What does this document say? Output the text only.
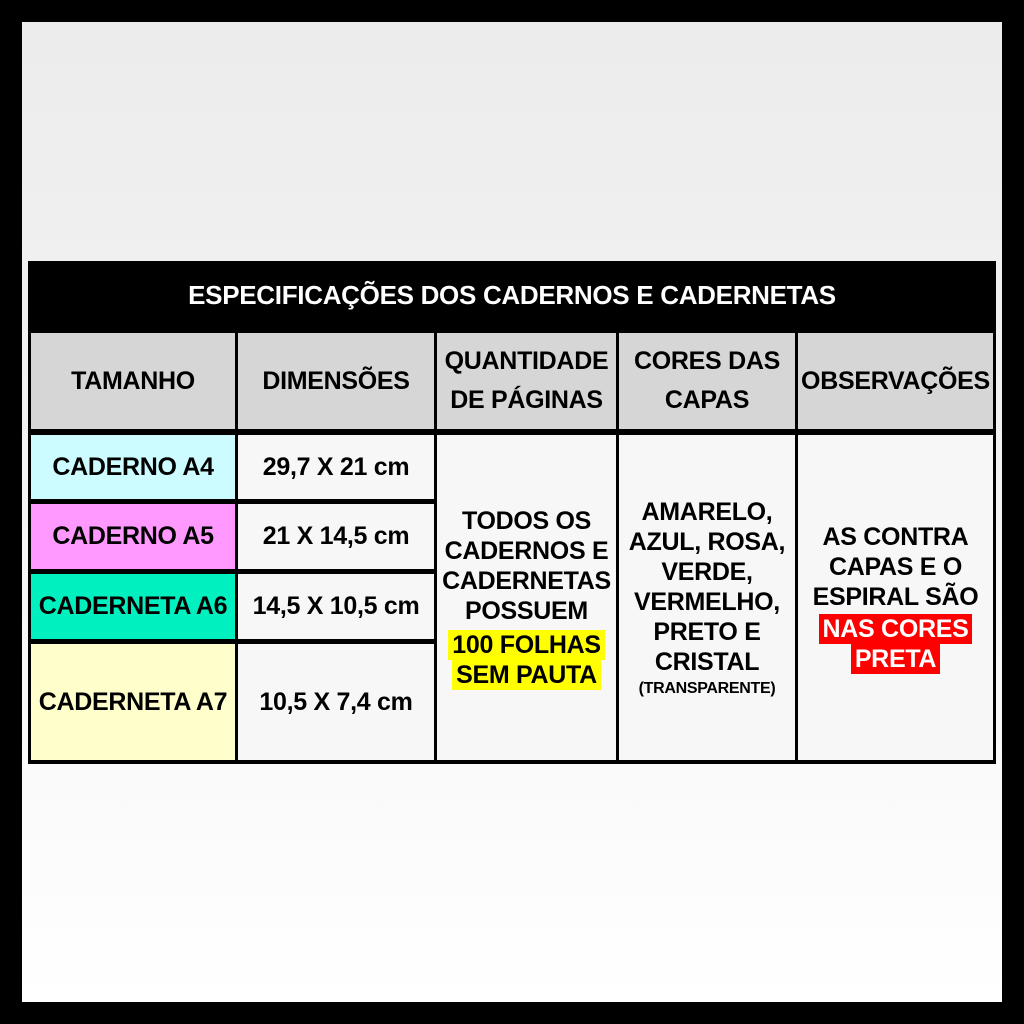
ESPECIFICAÇÕES DOS CADERNOS E CADERNETAS
TAMANHO	DIMENSÕES
QUANTIDADE
DE PÁGINAS
CORES DAS
CAPAS
OBSERVAÇÕES
CADERNO A4
CADERNO A5
CADERNETA A6
CADERNETA A7
29,7 X 21 cm
21 X 14,5 cm
14,5 X 10,5 cm
10,5 X 7,4 cm
TODOS OS
CADERNOS E
CADERNETAS
POSSUEM
100 FOLHAS
SEM PAUTA
AMARELO,
AZUL, ROSA,
VERDE,
VERMELHO,
PRETO E
CRISTAL
(TRANSPARENTE)
AS CONTRA
CAPAS E O
ESPIRAL SÃO
NAS CORES
PRETA
